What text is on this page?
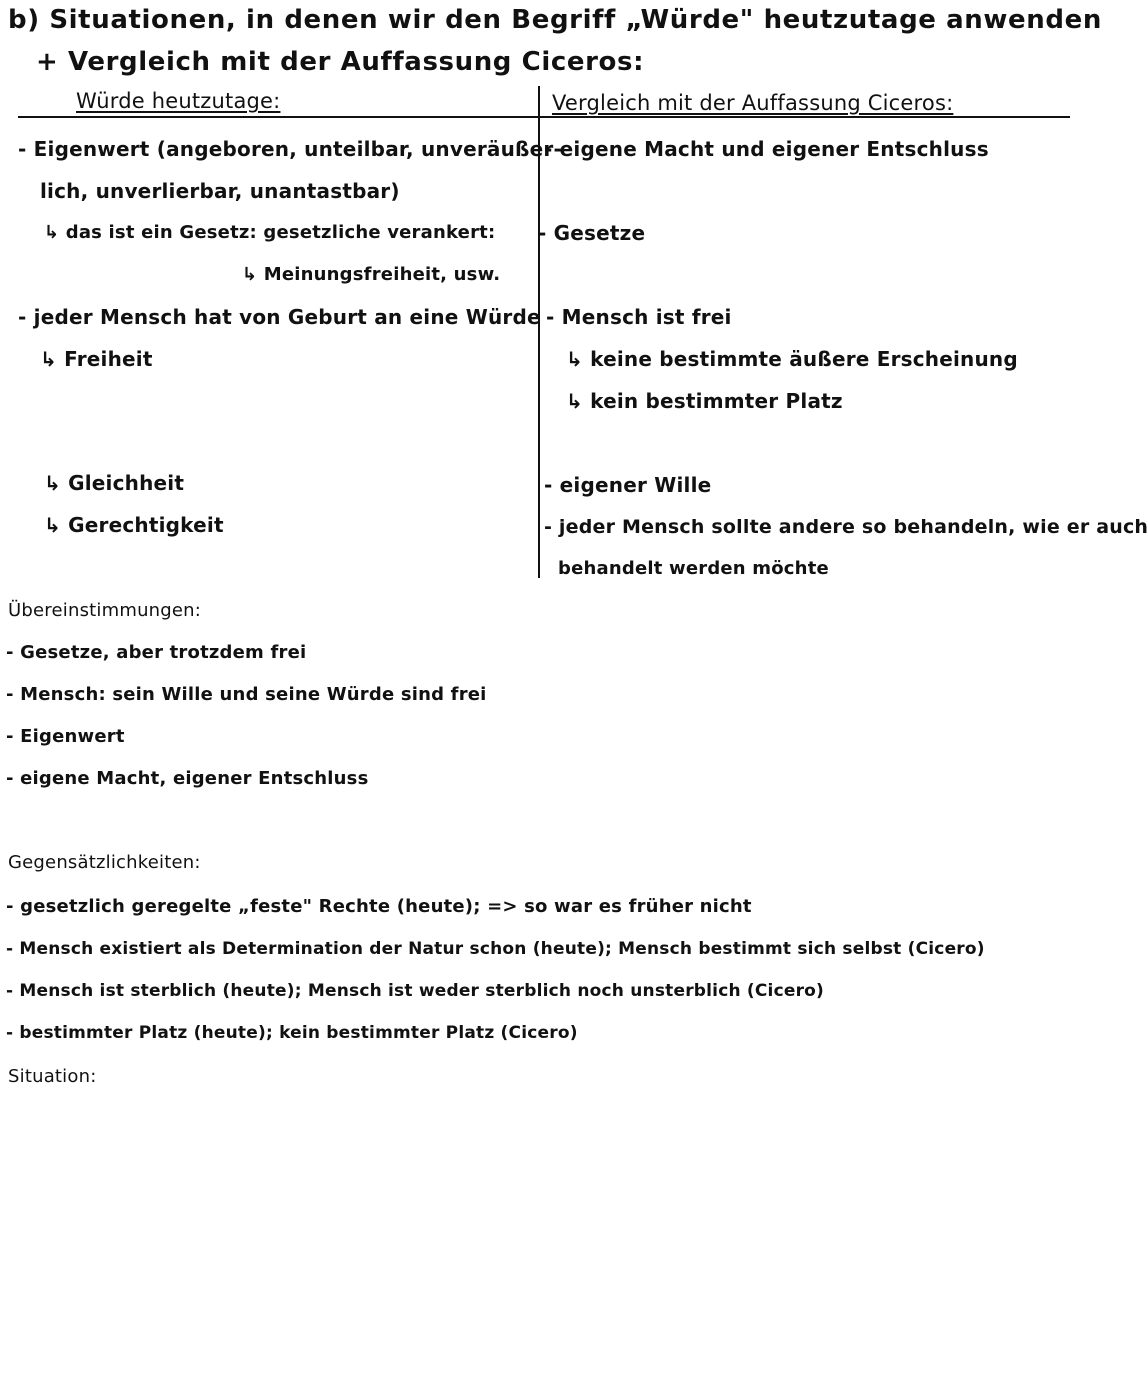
b) Situationen, in denen wir den Begriff „Würde" heutzutage anwenden
+ Vergleich mit der Auffassung Ciceros:
Würde heutzutage:	Vergleich mit der Auffassung Ciceros:
- Eigenwert (angeboren, unteilbar, unveräußer-
lich, unverlierbar, unantastbar)
↳ das ist ein Gesetz: gesetzliche verankert:
↳ Meinungsfreiheit, usw.
- jeder Mensch hat von Geburt an eine Würde
↳ Freiheit
↳ Gleichheit
↳ Gerechtigkeit
- eigene Macht und eigener Entschluss
- Gesetze
- Mensch ist frei
↳ keine bestimmte äußere Erscheinung
↳ kein bestimmter Platz
- eigener Wille
- jeder Mensch sollte andere so behandeln, wie er auch
behandelt werden möchte
Übereinstimmungen:
- Gesetze, aber trotzdem frei
- Mensch: sein Wille und seine Würde sind frei
- Eigenwert
- eigene Macht, eigener Entschluss
Gegensätzlichkeiten:
- gesetzlich geregelte „feste" Rechte (heute); => so war es früher nicht
- Mensch existiert als Determination der Natur schon (heute); Mensch bestimmt sich selbst (Cicero)
- Mensch ist sterblich (heute); Mensch ist weder sterblich noch unsterblich (Cicero)
- bestimmter Platz (heute); kein bestimmter Platz (Cicero)
Situation:
